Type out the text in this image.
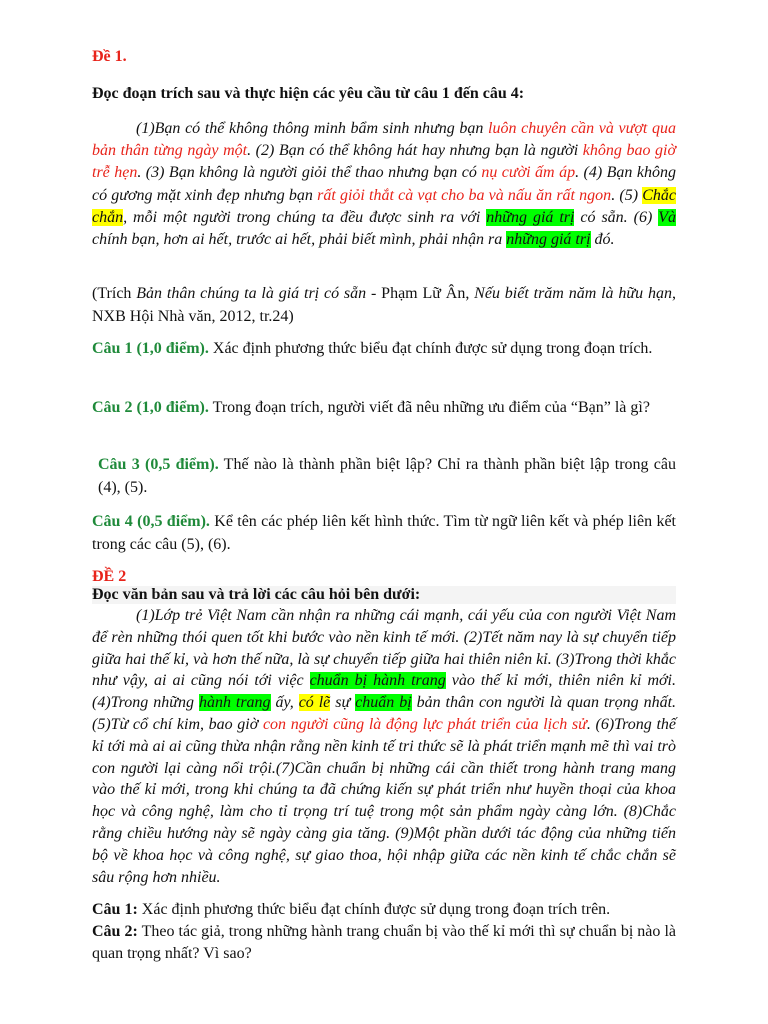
Đề 1.
Đọc đoạn trích sau và thực hiện các yêu cầu từ câu 1 đến câu 4:
(1)Bạn có thể không thông minh bẩm sinh nhưng bạn luôn chuyên cần và vượt qua bản thân từng ngày một. (2) Bạn có thể không hát hay nhưng bạn là người không bao giờ trễ hẹn. (3) Bạn không là người giỏi thể thao nhưng bạn có nụ cười ấm áp. (4) Bạn không có gương mặt xinh đẹp nhưng bạn rất giỏi thắt cà vạt cho ba và nấu ăn rất ngon. (5) Chắc chắn, mỗi một người trong chúng ta đều được sinh ra với những giá trị có sẵn. (6) Và chính bạn, hơn ai hết, trước ai hết, phải biết mình, phải nhận ra những giá trị đó.
(Trích Bản thân chúng ta là giá trị có sẵn - Phạm Lữ Ân, Nếu biết trăm năm là hữu hạn, NXB Hội Nhà văn, 2012, tr.24)
Câu 1 (1,0 điểm). Xác định phương thức biểu đạt chính được sử dụng trong đoạn trích.
Câu 2 (1,0 điểm). Trong đoạn trích, người viết đã nêu những ưu điểm của “Bạn” là gì?
Câu 3 (0,5 điểm). Thế nào là thành phần biệt lập? Chỉ ra thành phần biệt lập trong câu (4), (5).
Câu 4 (0,5 điểm). Kể tên các phép liên kết hình thức. Tìm từ ngữ liên kết và phép liên kết trong các câu (5), (6).
ĐỀ 2
Đọc văn bản sau và trả lời các câu hỏi bên dưới:
(1)Lớp trẻ Việt Nam cần nhận ra những cái mạnh, cái yếu của con người Việt Nam để rèn những thói quen tốt khi bước vào nền kinh tế mới. (2)Tết năm nay là sự chuyển tiếp giữa hai thế kỉ, và hơn thế nữa, là sự chuyển tiếp giữa hai thiên niên kỉ. (3)Trong thời khắc như vậy, ai ai cũng nói tới việc chuẩn bị hành trang vào thế kỉ mới, thiên niên kỉ mới. (4)Trong những hành trang ấy, có lẽ sự chuẩn bị bản thân con người là quan trọng nhất. (5)Từ cổ chí kim, bao giờ con người cũng là động lực phát triển của lịch sử. (6)Trong thế kỉ tới mà ai ai cũng thừa nhận rằng nền kinh tế tri thức sẽ là phát triển mạnh mẽ thì vai trò con người lại càng nổi trội.(7)Cần chuẩn bị những cái cần thiết trong hành trang mang vào thế kỉ mới, trong khi chúng ta đã chứng kiến sự phát triển như huyền thoại của khoa học và công nghệ, làm cho tỉ trọng trí tuệ trong một sản phẩm ngày càng lớn. (8)Chắc rằng chiều hướng này sẽ ngày càng gia tăng. (9)Một phần dưới tác động của những tiến bộ về khoa học và công nghệ, sự giao thoa, hội nhập giữa các nền kinh tế chắc chắn sẽ sâu rộng hơn nhiều.
Câu 1: Xác định phương thức biểu đạt chính được sử dụng trong đoạn trích trên.
Câu 2: Theo tác giả, trong những hành trang chuẩn bị vào thế kỉ mới thì sự chuẩn bị nào là quan trọng nhất? Vì sao?
